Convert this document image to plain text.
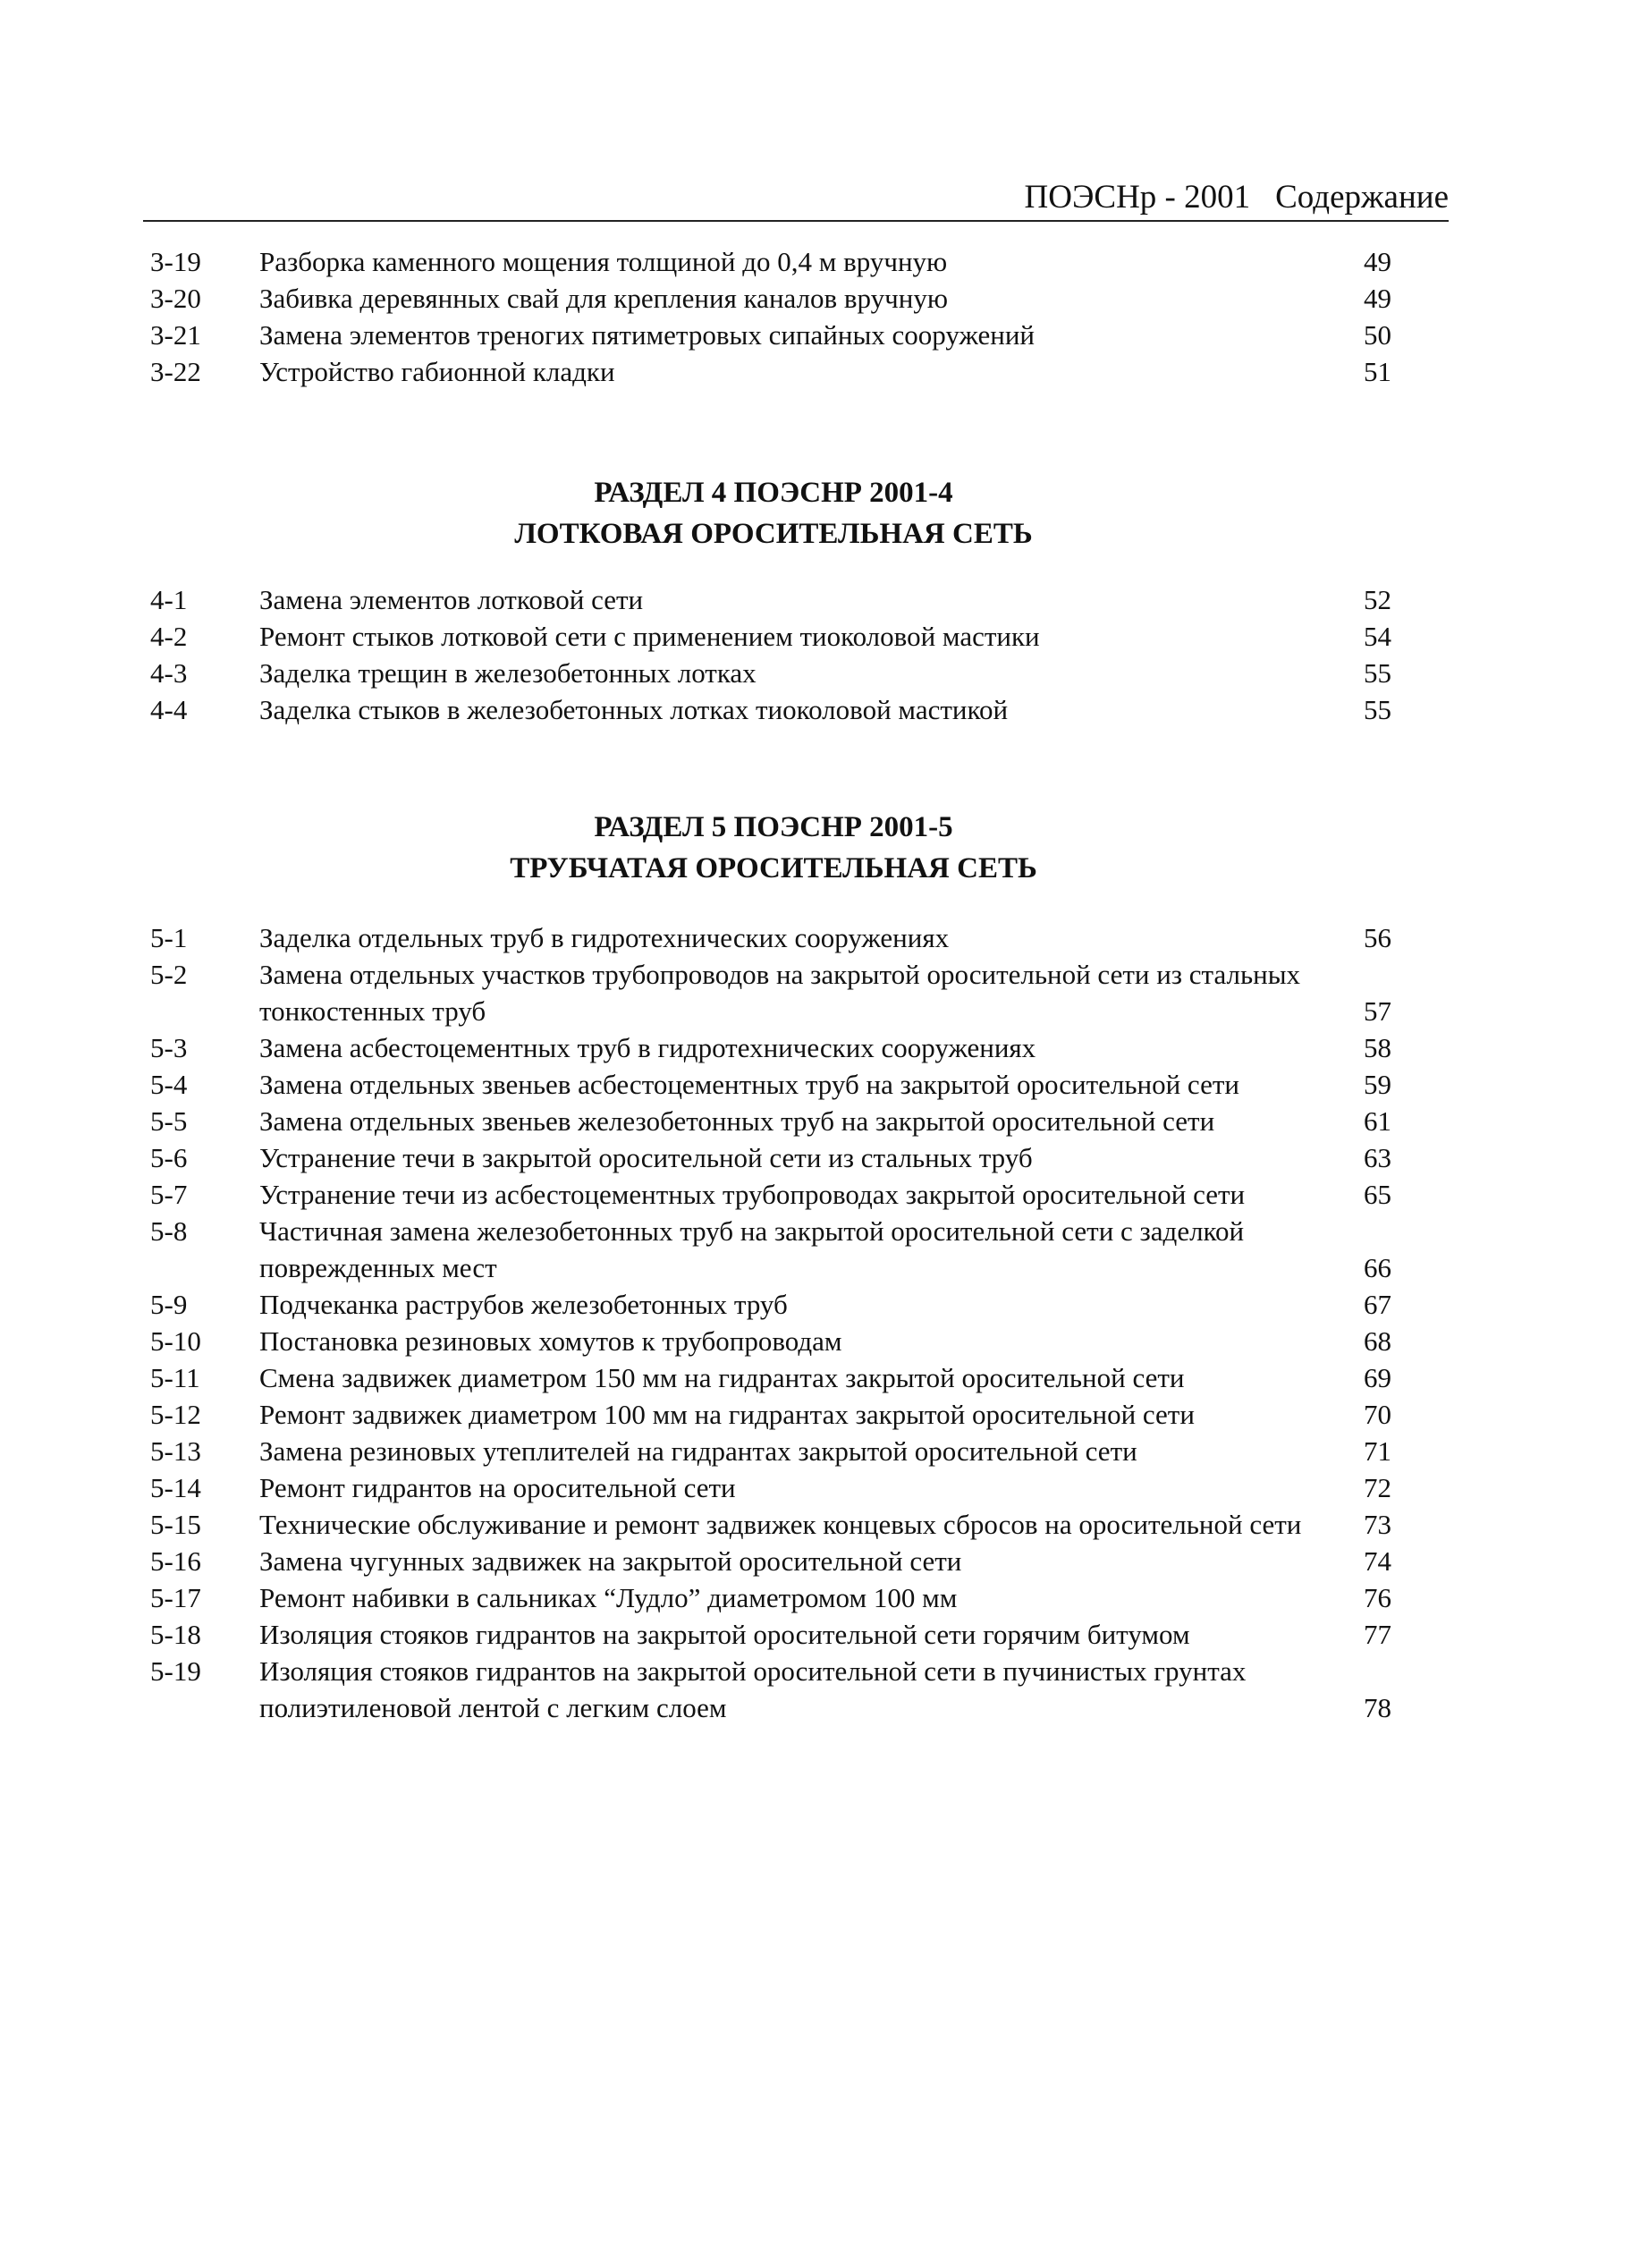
ПОЭСНр - 2001 Содержание
3-19	Разборка каменного мощения толщиной до 0,4 м вручную	49
3-20	Забивка деревянных свай для крепления каналов вручную	49
3-21	Замена элементов треногих пятиметровых сипайных сооружений	50
3-22	Устройство габионной кладки	51
РАЗДЕЛ 4 ПОЭСНР 2001-4
ЛОТКОВАЯ ОРОСИТЕЛЬНАЯ СЕТЬ
4-1	Замена элементов лотковой сети	52
4-2	Ремонт стыков лотковой сети с применением тиоколовой мастики	54
4-3	Заделка трещин в железобетонных лотках	55
4-4	Заделка стыков в железобетонных лотках тиоколовой мастикой	55
РАЗДЕЛ 5 ПОЭСНР 2001-5
ТРУБЧАТАЯ ОРОСИТЕЛЬНАЯ СЕТЬ
5-1	Заделка отдельных труб в гидротехнических сооружениях	56
5-2	Замена отдельных участков трубопроводов на закрытой оросительной сети из стальных тонкостенных труб	57
5-3	Замена асбестоцементных труб в гидротехнических сооружениях	58
5-4	Замена отдельных звеньев асбестоцементных труб на закрытой оросительной сети	59
5-5	Замена отдельных звеньев железобетонных труб на закрытой оросительной сети	61
5-6	Устранение течи в закрытой оросительной сети из стальных труб	63
5-7	Устранение течи из асбестоцементных трубопроводах закрытой оросительной сети	65
5-8	Частичная замена железобетонных труб на закрытой оросительной сети с заделкой поврежденных мест	66
5-9	Подчеканка раструбов железобетонных труб	67
5-10	Постановка резиновых хомутов к трубопроводам	68
5-11	Смена задвижек диаметром 150 мм на гидрантах закрытой оросительной сети	69
5-12	Ремонт задвижек диаметром 100 мм на гидрантах закрытой оросительной сети	70
5-13	Замена резиновых утеплителей на гидрантах закрытой оросительной сети	71
5-14	Ремонт гидрантов на оросительной сети	72
5-15	Технические обслуживание и ремонт задвижек концевых сбросов на оросительной сети	73
5-16	Замена чугунных задвижек на закрытой оросительной сети	74
5-17	Ремонт набивки в сальниках “Лудло” диаметромом 100 мм	76
5-18	Изоляция стояков гидрантов на закрытой оросительной сети горячим битумом	77
5-19	Изоляция стояков гидрантов на закрытой оросительной сети в пучинистых грунтах полиэтиленовой лентой с легким слоем	78
